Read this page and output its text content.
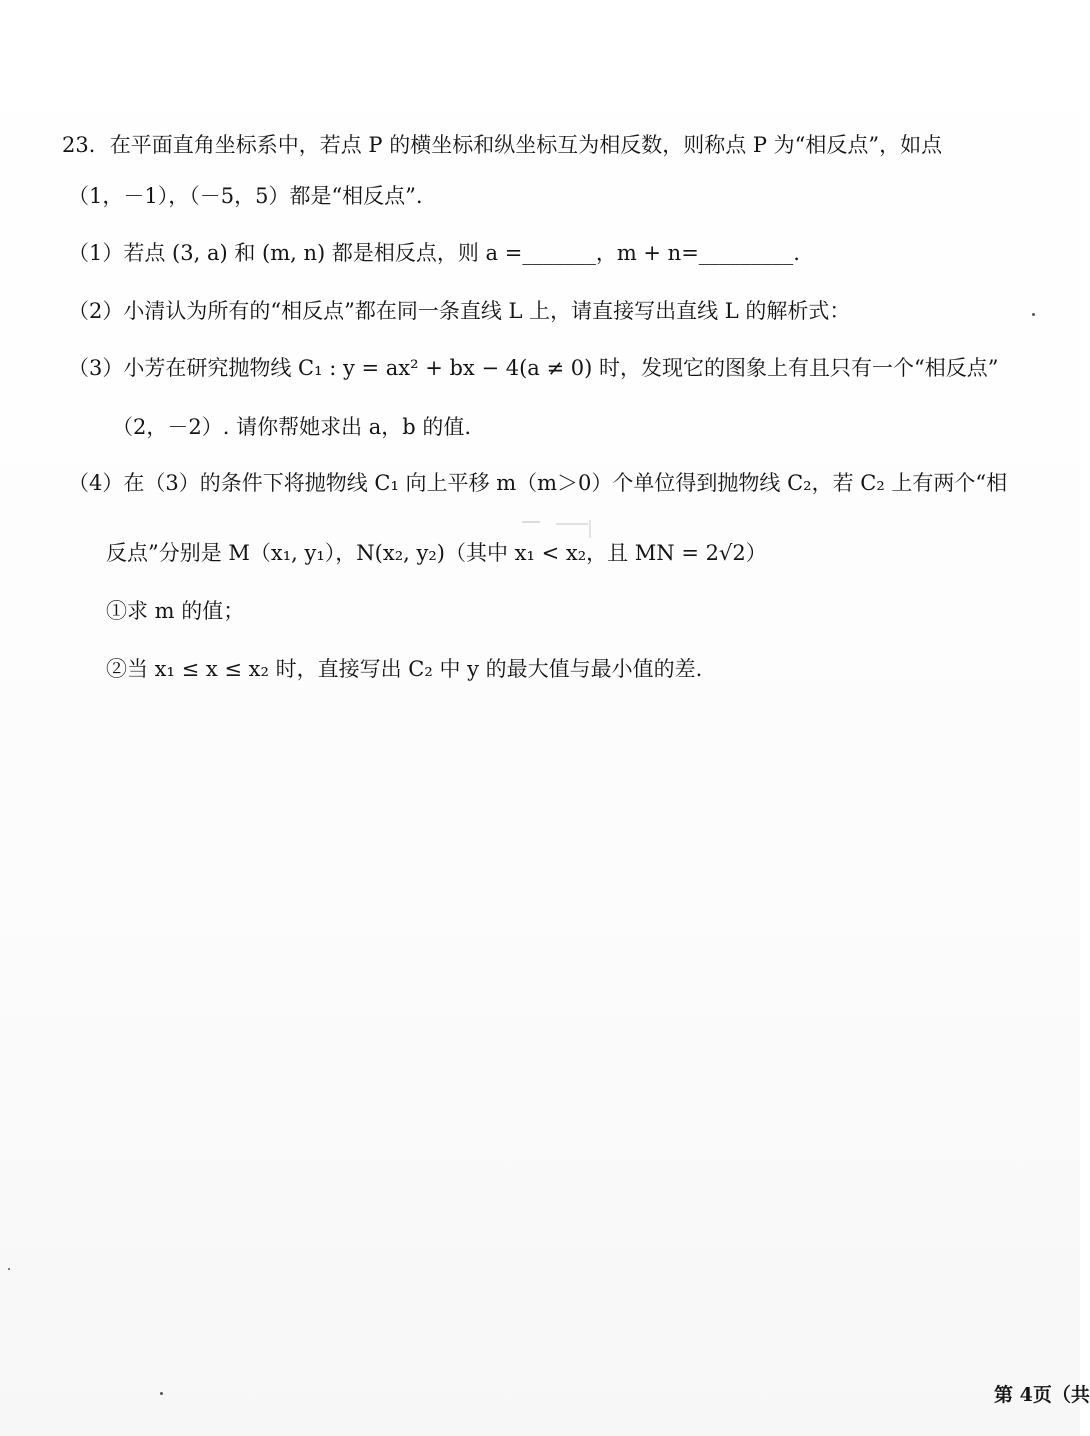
23．在平面直角坐标系中，若点 P 的横坐标和纵坐标互为相反数，则称点 P 为“相反点”，如点
（1，－1），（－5，5）都是“相反点”.
（1）若点 (3, a) 和 (m, n) 都是相反点，则 a =_______，m + n=_________.
（2）小清认为所有的“相反点”都在同一条直线 L 上，请直接写出直线 L 的解析式：
（3）小芳在研究抛物线 C₁ : y = ax² + bx − 4(a ≠ 0) 时，发现它的图象上有且只有一个“相反点”
（2，－2）. 请你帮她求出 a，b 的值.
（4）在（3）的条件下将抛物线 C₁ 向上平移 m（m＞0）个单位得到抛物线 C₂，若 C₂ 上有两个“相
反点”分别是 M（x₁, y₁），N(x₂, y₂)（其中 x₁ < x₂，且 MN = 2√2）
①求 m 的值；
②当 x₁ ≤ x ≤ x₂ 时，直接写出 C₂ 中 y 的最大值与最小值的差.
第 4页（共
